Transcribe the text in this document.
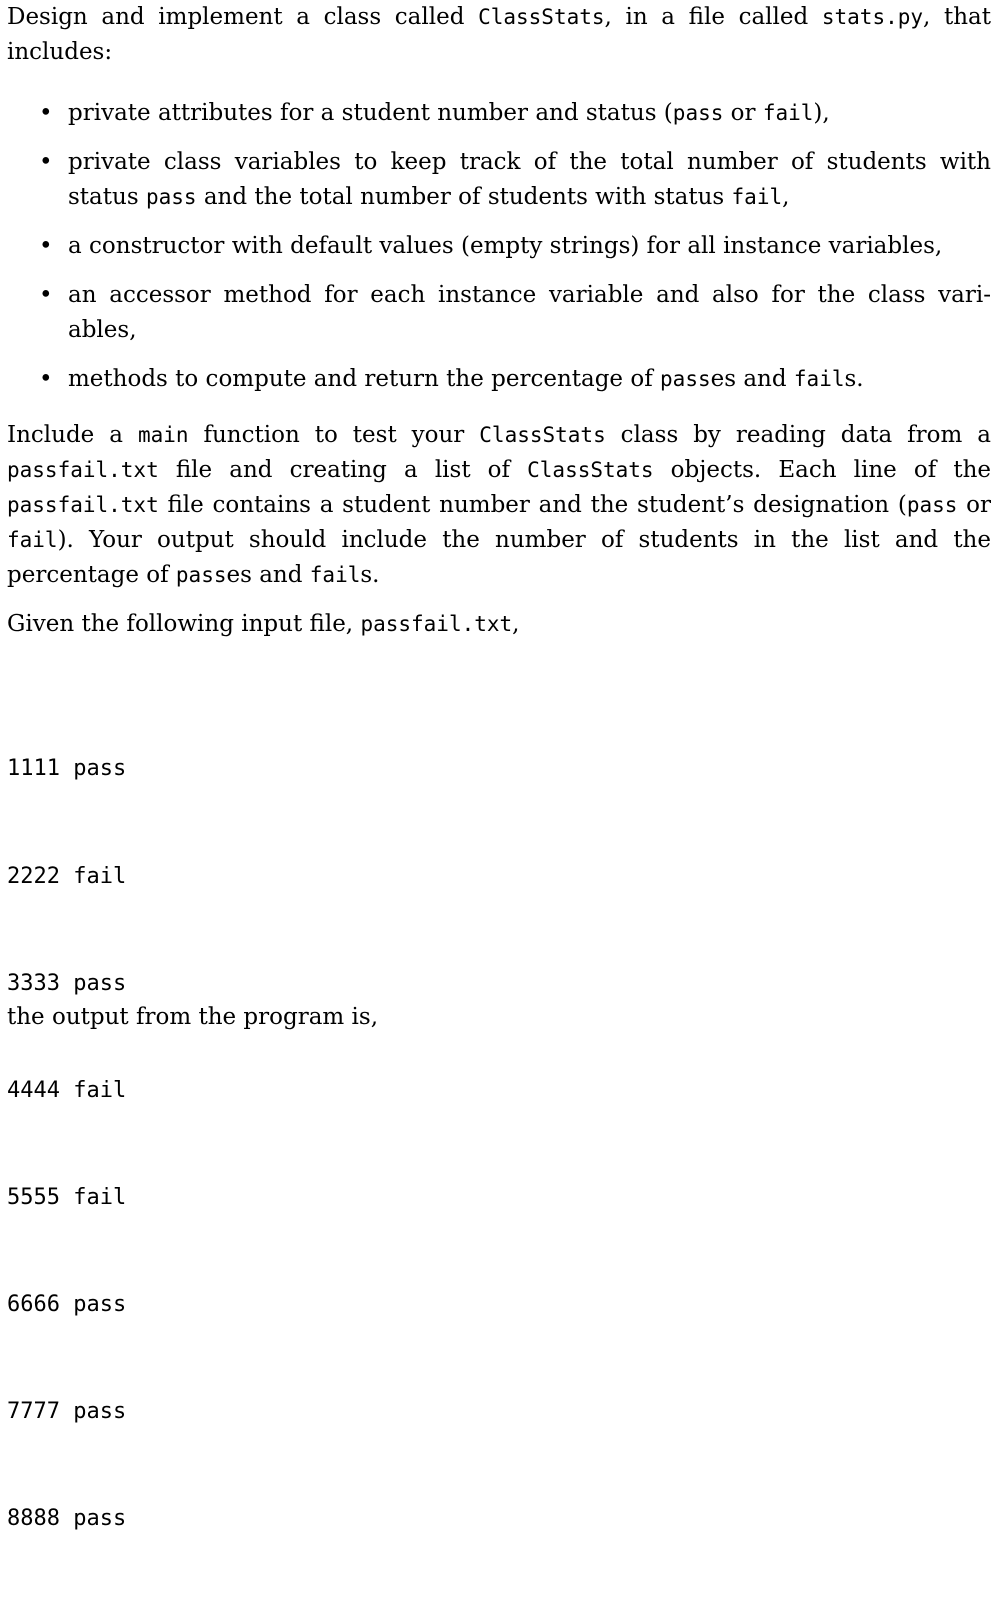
Design and implement a class called ClassStats, in a file called stats.py, that includes:

• private attributes for a student number and status (pass or fail),
• private class variables to keep track of the total number of students with status pass and the total number of students with status fail,
• a constructor with default values (empty strings) for all instance variables,
• an accessor method for each instance variable and also for the class vari-ables,
• methods to compute and return the percentage of passes and fails.

Include a main function to test your ClassStats class by reading data from a passfail.txt file and creating a list of ClassStats objects. Each line of the passfail.txt file contains a student number and the student’s designation (pass or fail). Your output should include the number of students in the list and the percentage of passes and fails.

Given the following input file, passfail.txt,

1111 pass

2222 fail

3333 pass

4444 fail

5555 fail

6666 pass

7777 pass

8888 pass

the output from the program is,
